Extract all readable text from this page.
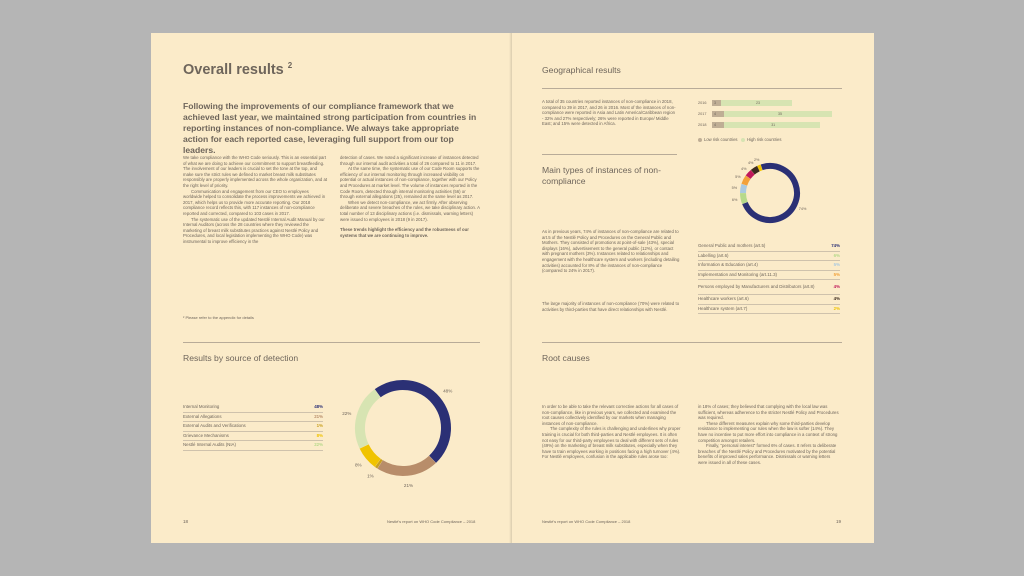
Overall results $^2$
Following the improvements of our compliance framework that we achieved last year, we maintained strong participation from countries in reporting instances of non-compliance. We always take appropriate action for each reported case, leveraging full support from our top leaders.

We take compliance with the WHO Code seriously. This is an essential part of what we are doing to achieve our commitment to support breastfeeding. The involvement of our leaders is crucial to set the tone at the top, and make sure the strict rules we defined to market breast milk substitutes responsibly are properly implemented across the whole organization, and at the right level of priority.

Communication and engagement from our CEO to employees worldwide helped to consolidate the process improvements we achieved in 2017, which helps us to provide more accurate reporting. Our 2018 compliance record reflects this, with 117 instances of non-compliance reported and corrected, compared to 103 cases in 2017.

The systematic use of the updated Nestlé Internal Audit Manual by our Internal Auditors (across the 28 countries where they reviewed the marketing of breast milk substitutes practices against Nestlé Policy and Procedures, and local legislation implementing the WHO Code) was instrumental to improve efficiency in the

detection of cases. We noted a significant increase of instances detected through our internal audit activities a total of 26 compared to 11 in 2017.

At the same time, the systematic use of our Code Room supports the efficiency of our internal monitoring through increased visibility on potential or actual instances of non-compliance, together with our Policy and Procedures at market level. The volume of instances reported in the Code Room, detected through internal monitoring activities (56) or through external allegations (25), remained at the same level as 2017.

When we detect non-compliance, we act firmly. After observing deliberate and severe breaches of the rules, we take disciplinary action. A total number of 13 disciplinary actions (i.e. dismissals, warning letters) were issued to employees in 2018 (9 in 2017).

These trends highlight the efficiency and the robustness of our systems that we are continuing to improve.

² Please refer to the appendix for details
Results by source of detection
Internal Monitoring	48%
External Allegations	21%
External Audits and Verifications	1%
Grievance Mechanisms	8%
Nestlé Internal Audits (NIA)	22%
48%
21%
1%
8%
22%
18	Nestlé's report on WHO Code Compliance – 2018
Geographical results
A total of 35 countries reported instances of non-compliance in 2018, compared to 39 in 2017, and 26 in 2016. Most of the instances of non-compliance were reported in Asia and Latin America/Caribbean region - 32% and 27% respectively; 26% were reported in Europe/ Middle East; and 15% were detected in Africa.
2016 3	23
2017 4	35
2018 4	31
Low risk countries High risk countries
Main types of instances of non-compliance
74%
6%
5%
5%
4%
4%
2%
As in previous years, 74% of instances of non-compliance are related to art.5 of the Nestlé Policy and Procedures on the General Public and Mothers. They consisted of promotions at point-of-sale (43%), special displays (16%), advertisement to the general public (12%), or contact with pregnant mothers (3%). Instances related to relationships and engagement with the healthcare system and workers (including detailing activities) accounted for 8% of the instances of non-compliance (compared to 24% in 2017).
The large majority of instances of non-compliance (70%) were related to activities by third-parties that have direct relationships with Nestlé.
General Public and mothers (art.5)	74%
Labelling (art.6)	6%
Information & Education (art.4)	5%
Implementation and Monitoring (art.11.3)	5%
Persons employed by Manufacturers and Distributors (art.8)	4%
Healthcare workers (art.6)	4%
Healthcare system (art.7)	2%
Root causes

In order to be able to take the relevant corrective actions for all cases of non-compliance, like in previous years, we collected and examined the root causes collectively identified by our markets when managing instances of non-compliance.

The complexity of the rules is challenging and underlines why proper training is crucial for both third-parties and Nestlé employees. It is often not easy for our third-party employees to deal with different sets of rules (49%) on the marketing of breast milk substitutes, especially when they have to train employees working in positions facing a high turnover (4%). For Nestlé employees, confusion in the applicable rules arose too:

in 18% of cases; they believed that complying with the local law was sufficient, whereas adherence to the stricter Nestlé Policy and Procedures was required.

These different measures explain why some third-parties develop resistance to implementing our rules when the law is softer (14%). They have no incentive to put more effort into compliance in a context of strong competition amongst retailers.

Finally, "personal interest" formed 6% of cases. It refers to deliberate breaches of the Nestlé Policy and Procedures motivated by the potential benefits of improved sales performance. Dismissals or warning letters were issued in all of these cases.

Nestlé's report on WHO Code Compliance – 2018	19
